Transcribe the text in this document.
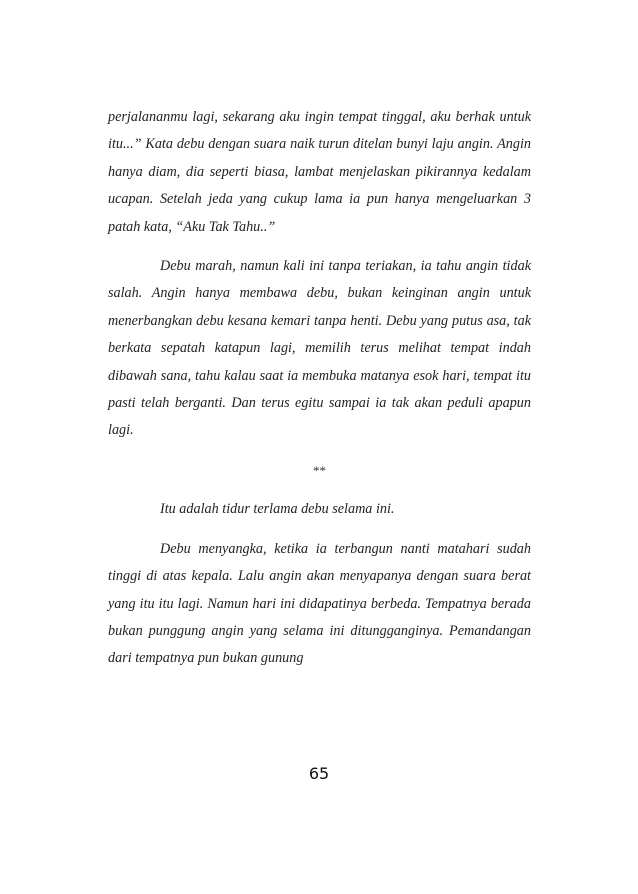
perjalananmu lagi, sekarang aku ingin tempat tinggal, aku berhak untuk itu...” Kata debu dengan suara naik turun ditelan bunyi laju angin. Angin hanya diam, dia seperti biasa, lambat menjelaskan pikirannya kedalam ucapan. Setelah jeda yang cukup lama ia pun hanya mengeluarkan 3 patah kata, “Aku Tak Tahu..”

Debu marah, namun kali ini tanpa teriakan, ia tahu angin tidak salah. Angin hanya membawa debu, bukan keinginan angin untuk menerbangkan debu kesana kemari tanpa henti. Debu yang putus asa, tak berkata sepatah katapun lagi, memilih terus melihat tempat indah dibawah sana, tahu kalau saat ia membuka matanya esok hari, tempat itu pasti telah berganti. Dan terus egitu sampai ia tak akan peduli apapun lagi.

**

Itu adalah tidur terlama debu selama ini.

Debu menyangka, ketika ia terbangun nanti matahari sudah tinggi di atas kepala. Lalu angin akan menyapanya dengan suara berat yang itu itu lagi. Namun hari ini didapatinya berbeda. Tempatnya berada bukan punggung angin yang selama ini ditungganginya. Pemandangan dari tempatnya pun bukan gunung

65
